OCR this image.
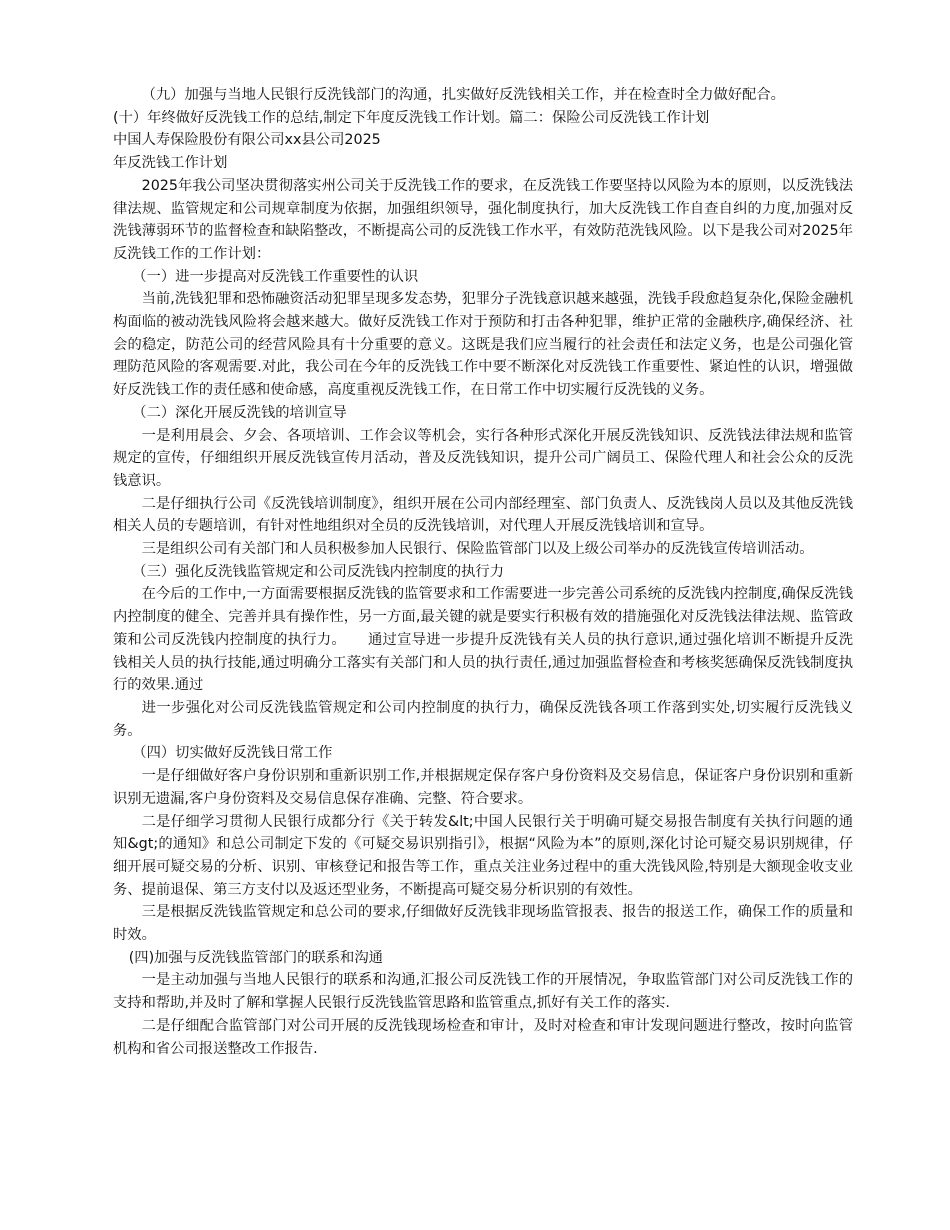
（九）加强与当地人民银行反洗钱部门的沟通，扎实做好反洗钱相关工作，并在检查时全力做好配合。

(十）年终做好反洗钱工作的总结,制定下年度反洗钱工作计划。篇二：保险公司反洗钱工作计划

中国人寿保险股份有限公司xx县公司2025

年反洗钱工作计划

2025年我公司坚决贯彻落实州公司关于反洗钱工作的要求，在反洗钱工作要坚持以风险为本的原则，以反洗钱法律法规、监管规定和公司规章制度为依据，加强组织领导，强化制度执行，加大反洗钱工作自查自纠的力度,加强对反洗钱薄弱环节的监督检查和缺陷整改，不断提高公司的反洗钱工作水平，有效防范洗钱风险。以下是我公司对2025年反洗钱工作的工作计划：

（一）进一步提高对反洗钱工作重要性的认识

当前,洗钱犯罪和恐怖融资活动犯罪呈现多发态势，犯罪分子洗钱意识越来越强，洗钱手段愈趋复杂化,保险金融机构面临的被动洗钱风险将会越来越大。做好反洗钱工作对于预防和打击各种犯罪，维护正常的金融秩序,确保经济、社会的稳定，防范公司的经营风险具有十分重要的意义。这既是我们应当履行的社会责任和法定义务，也是公司强化管理防范风险的客观需要.对此，我公司在今年的反洗钱工作中要不断深化对反洗钱工作重要性、紧迫性的认识，增强做好反洗钱工作的责任感和使命感，高度重视反洗钱工作，在日常工作中切实履行反洗钱的义务。

（二）深化开展反洗钱的培训宣导

一是利用晨会、夕会、各项培训、工作会议等机会，实行各种形式深化开展反洗钱知识、反洗钱法律法规和监管规定的宣传，仔细组织开展反洗钱宣传月活动，普及反洗钱知识，提升公司广阔员工、保险代理人和社会公众的反洗钱意识。

二是仔细执行公司《反洗钱培训制度》，组织开展在公司内部经理室、部门负责人、反洗钱岗人员以及其他反洗钱相关人员的专题培训，有针对性地组织对全员的反洗钱培训，对代理人开展反洗钱培训和宣导。

三是组织公司有关部门和人员积极参加人民银行、保险监管部门以及上级公司举办的反洗钱宣传培训活动。

（三）强化反洗钱监管规定和公司反洗钱内控制度的执行力

在今后的工作中,一方面需要根据反洗钱的监管要求和工作需要进一步完善公司系统的反洗钱内控制度,确保反洗钱内控制度的健全、完善并具有操作性，另一方面,最关键的就是要实行积极有效的措施强化对反洗钱法律法规、监管政策和公司反洗钱内控制度的执行力。　　通过宣导进一步提升反洗钱有关人员的执行意识,通过强化培训不断提升反洗钱相关人员的执行技能,通过明确分工落实有关部门和人员的执行责任,通过加强监督检查和考核奖惩确保反洗钱制度执行的效果.通过

进一步强化对公司反洗钱监管规定和公司内控制度的执行力，确保反洗钱各项工作落到实处,切实履行反洗钱义务。

（四）切实做好反洗钱日常工作

一是仔细做好客户身份识别和重新识别工作,并根据规定保存客户身份资料及交易信息，保证客户身份识别和重新识别无遗漏,客户身份资料及交易信息保存准确、完整、符合要求。

二是仔细学习贯彻人民银行成都分行《关于转发&lt;中国人民银行关于明确可疑交易报告制度有关执行问题的通知&gt;的通知》和总公司制定下发的《可疑交易识别指引》，根据“风险为本”的原则,深化讨论可疑交易识别规律，仔细开展可疑交易的分析、识别、审核登记和报告等工作，重点关注业务过程中的重大洗钱风险,特别是大额现金收支业务、提前退保、第三方支付以及返还型业务，不断提高可疑交易分析识别的有效性。

三是根据反洗钱监管规定和总公司的要求,仔细做好反洗钱非现场监管报表、报告的报送工作，确保工作的质量和时效。

(四)加强与反洗钱监管部门的联系和沟通

一是主动加强与当地人民银行的联系和沟通,汇报公司反洗钱工作的开展情况，争取监管部门对公司反洗钱工作的支持和帮助,并及时了解和掌握人民银行反洗钱监管思路和监管重点,抓好有关工作的落实.

二是仔细配合监管部门对公司开展的反洗钱现场检查和审计，及时对检查和审计发现问题进行整改，按时向监管机构和省公司报送整改工作报告.
